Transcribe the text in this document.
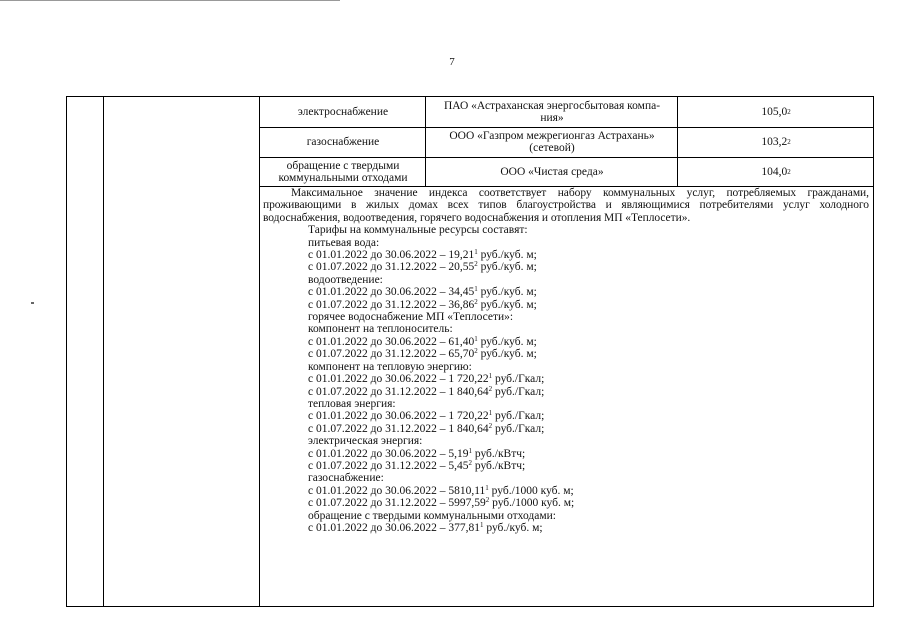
7
электроснабжение	ПАО «Астраханская энергосбытовая компа-ния»	105,0 2
газоснабжение	ООО «Газпром межрегионгаз Астрахань» (сетевой)	103,2 2
обращение с твердыми коммунальными отходами	ООО «Чистая среда»	104,0 2

Максимальное значение индекса соответствует набору коммунальных услуг, потребляемых гражданами, проживающими в жилых домах всех типов благоустройства и являющимися потребителями услуг холодного водоснабжения, водоотведения, горячего водоснабжения и отопления МП «Теплосети».

Тарифы на коммунальные ресурсы составят:

питьевая вода:

с 01.01.2022 до 30.06.2022 – 19,21$^1$ руб./куб. м;

с 01.07.2022 до 31.12.2022 – 20,55$^2$ руб./куб. м;

водоотведение:

с 01.01.2022 до 30.06.2022 – 34,45$^1$ руб./куб. м;

с 01.07.2022 до 31.12.2022 – 36,86$^2$ руб./куб. м;

горячее водоснабжение МП «Теплосети»:

компонент на теплоноситель:

с 01.01.2022 до 30.06.2022 – 61,40$^1$ руб./куб. м;

с 01.07.2022 до 31.12.2022 – 65,70$^2$ руб./куб. м;

компонент на тепловую энергию:

с 01.01.2022 до 30.06.2022 – 1 720,22$^1$ руб./Гкал;

с 01.07.2022 до 31.12.2022 – 1 840,64$^2$ руб./Гкал;

тепловая энергия:

с 01.01.2022 до 30.06.2022 – 1 720,22$^1$ руб./Гкал;

с 01.07.2022 до 31.12.2022 – 1 840,64$^2$ руб./Гкал;

электрическая энергия:

с 01.01.2022 до 30.06.2022 – 5,19$^1$ руб./кВтч;

с 01.07.2022 до 31.12.2022 – 5,45$^2$ руб./кВтч;

газоснабжение:

с 01.01.2022 до 30.06.2022 – 5810,11$^1$ руб./1000 куб. м;

с 01.07.2022 до 31.12.2022 – 5997,59$^2$ руб./1000 куб. м;

обращение с твердыми коммунальными отходами:

с 01.01.2022 до 30.06.2022 – 377,81$^1$ руб./куб. м;
